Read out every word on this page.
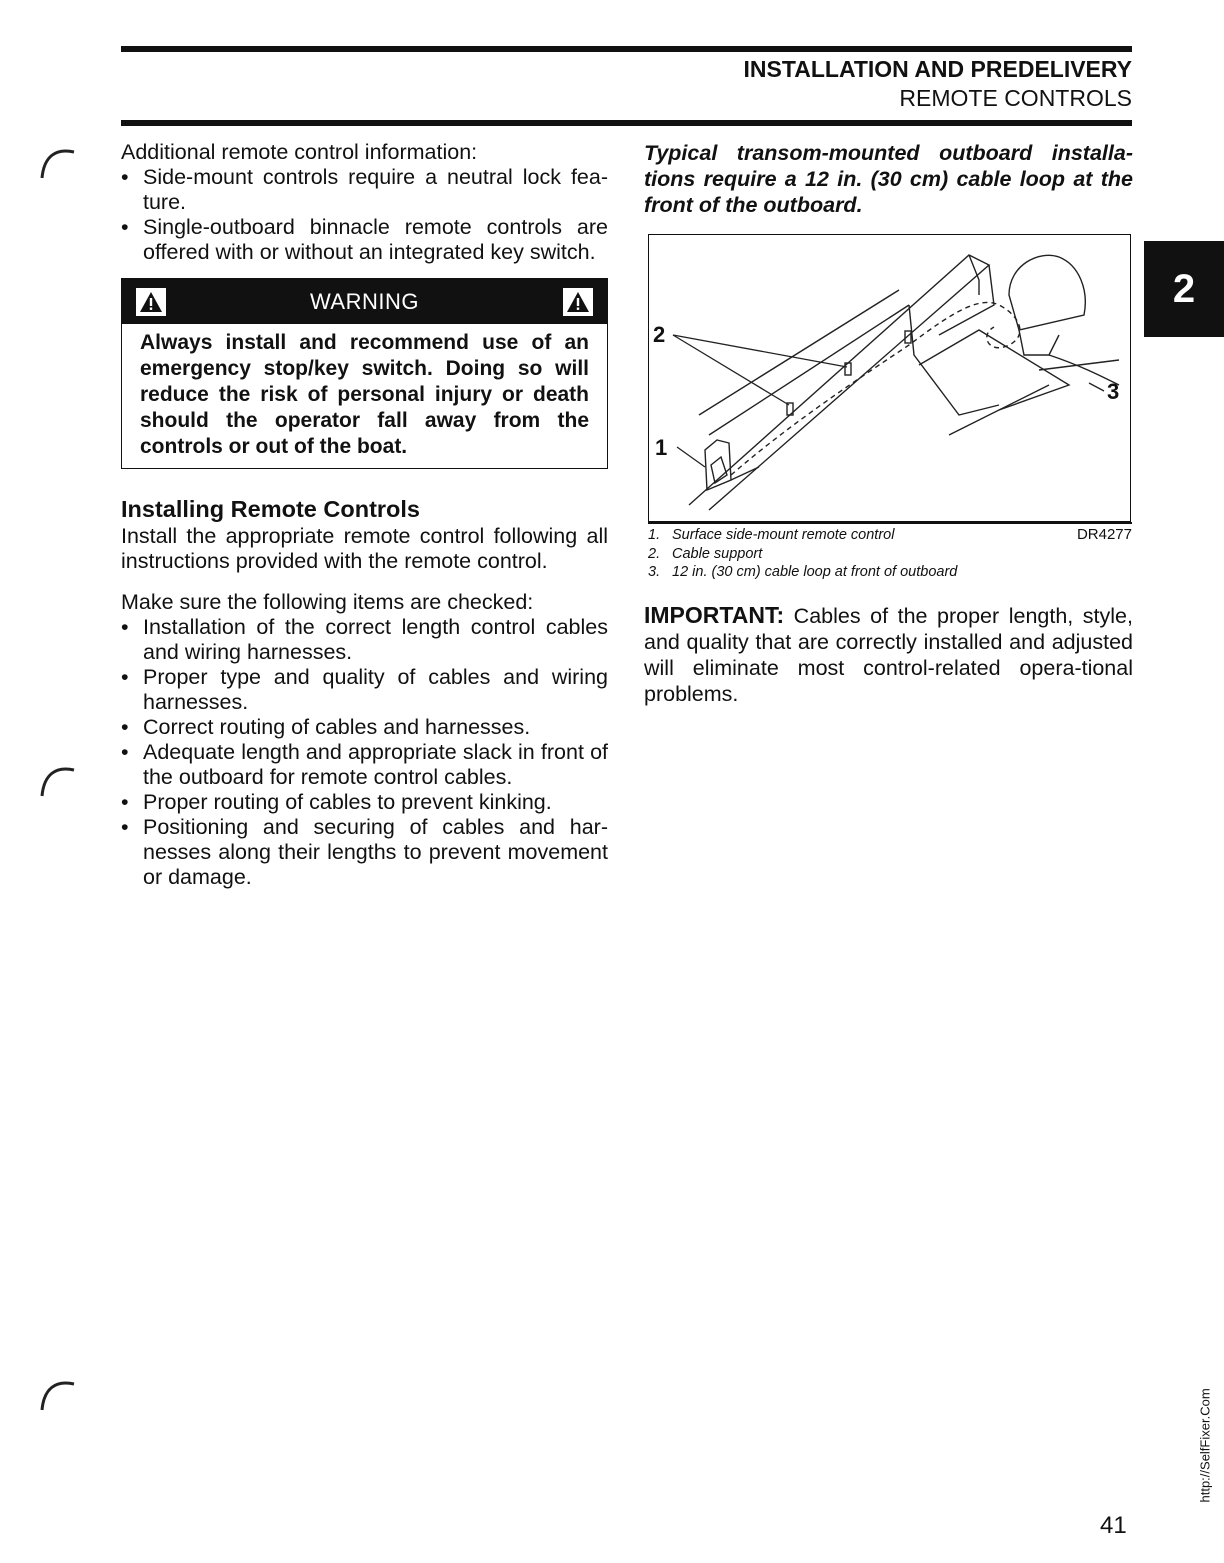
INSTALLATION AND PREDELIVERY
REMOTE CONTROLS
2

Additional remote control information:

• Side-mount controls require a neutral lock fea-ture.
• Single-outboard binnacle remote controls are offered with or without an integrated key switch.
WARNING
Always install and recommend use of an emergency stop/key switch. Doing so will reduce the risk of personal injury or death should the operator fall away from the controls or out of the boat.
Installing Remote Controls

Install the appropriate remote control following all instructions provided with the remote control.

Make sure the following items are checked:

• Installation of the correct length control cables and wiring harnesses.
• Proper type and quality of cables and wiring harnesses.
• Correct routing of cables and harnesses.
• Adequate length and appropriate slack in front of the outboard for remote control cables.
• Proper routing of cables to prevent kinking.
• Positioning and securing of cables and har-nesses along their lengths to prevent movement or damage.
Typical transom-mounted outboard installa-tions require a 12 in. (30 cm) cable loop at the front of the outboard.
2
1
3
1. Surface side-mount remote control
2. Cable support
3. 12 in. (30 cm) cable loop at front of outboard
DR4277
IMPORTANT: Cables of the proper length, style, and quality that are correctly installed and adjusted will eliminate most control-related opera-tional problems.
41
http://SelfFixer.Com
